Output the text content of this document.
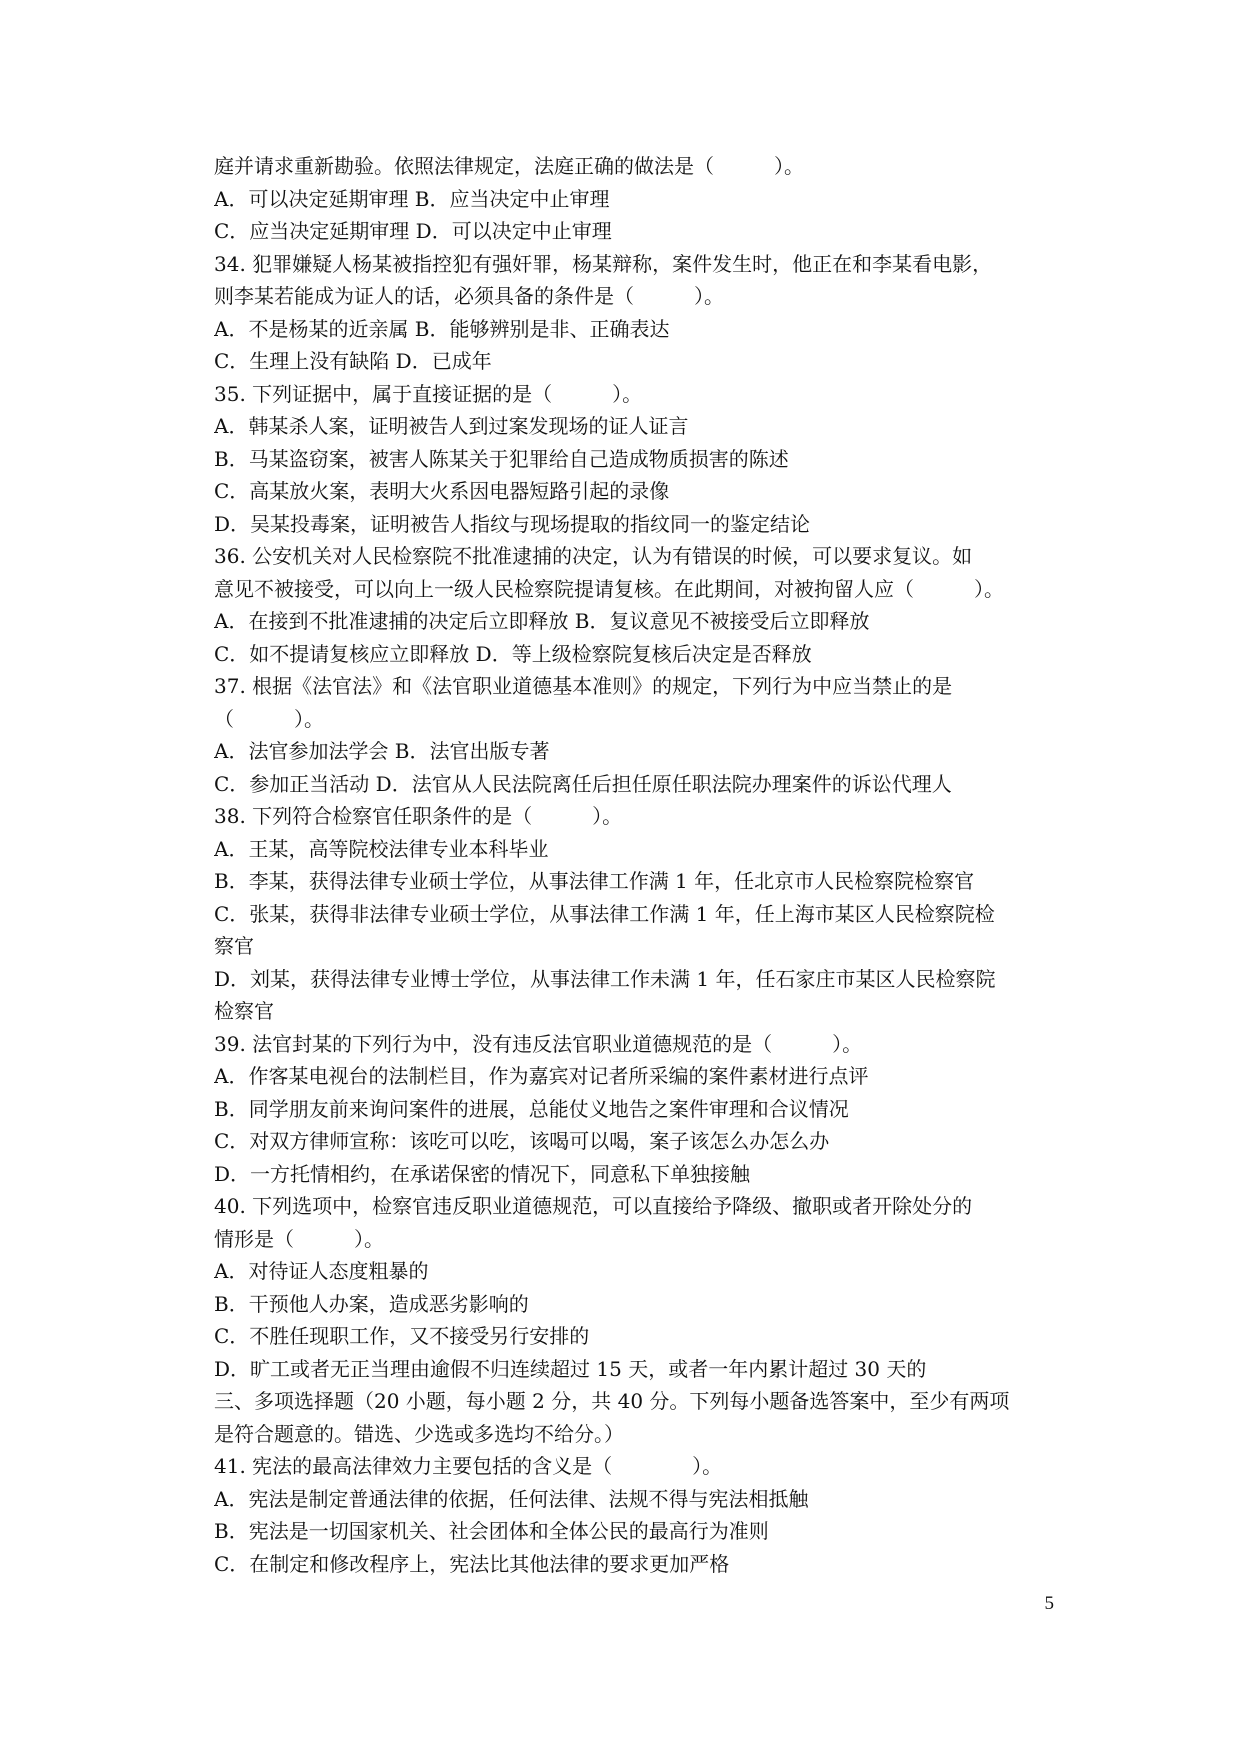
庭并请求重新勘验。依照法律规定，法庭正确的做法是（　　　）。
A．可以决定延期审理 B．应当决定中止审理
C．应当决定延期审理 D．可以决定中止审理
34. 犯罪嫌疑人杨某被指控犯有强奸罪，杨某辩称，案件发生时，他正在和李某看电影，
则李某若能成为证人的话，必须具备的条件是（　　　）。
A．不是杨某的近亲属 B．能够辨别是非、正确表达
C．生理上没有缺陷 D．已成年
35. 下列证据中，属于直接证据的是（　　　）。
A．韩某杀人案，证明被告人到过案发现场的证人证言
B．马某盗窃案，被害人陈某关于犯罪给自己造成物质损害的陈述
C．高某放火案，表明大火系因电器短路引起的录像
D．吴某投毒案，证明被告人指纹与现场提取的指纹同一的鉴定结论
36. 公安机关对人民检察院不批准逮捕的决定，认为有错误的时候，可以要求复议。如
意见不被接受，可以向上一级人民检察院提请复核。在此期间，对被拘留人应（　　　）。
A．在接到不批准逮捕的决定后立即释放 B．复议意见不被接受后立即释放
C．如不提请复核应立即释放 D．等上级检察院复核后决定是否释放
37. 根据《法官法》和《法官职业道德基本准则》的规定，下列行为中应当禁止的是
（　　　）。
A．法官参加法学会 B．法官出版专著
C．参加正当活动 D．法官从人民法院离任后担任原任职法院办理案件的诉讼代理人
38. 下列符合检察官任职条件的是（　　　）。
A．王某，高等院校法律专业本科毕业
B．李某，获得法律专业硕士学位，从事法律工作满 1 年，任北京市人民检察院检察官
C．张某，获得非法律专业硕士学位，从事法律工作满 1 年，任上海市某区人民检察院检
察官
D．刘某，获得法律专业博士学位，从事法律工作未满 1 年，任石家庄市某区人民检察院
检察官
39. 法官封某的下列行为中，没有违反法官职业道德规范的是（　　　）。
A．作客某电视台的法制栏目，作为嘉宾对记者所采编的案件素材进行点评
B．同学朋友前来询问案件的进展，总能仗义地告之案件审理和合议情况
C．对双方律师宣称：该吃可以吃，该喝可以喝，案子该怎么办怎么办
D．一方托情相约，在承诺保密的情况下，同意私下单独接触
40. 下列选项中，检察官违反职业道德规范，可以直接给予降级、撤职或者开除处分的
情形是（　　　）。
A．对待证人态度粗暴的
B．干预他人办案，造成恶劣影响的
C．不胜任现职工作，又不接受另行安排的
D．旷工或者无正当理由逾假不归连续超过 15 天，或者一年内累计超过 30 天的
三、多项选择题（20 小题，每小题 2 分，共 40 分。下列每小题备选答案中，至少有两项
是符合题意的。错选、少选或多选均不给分。）
41. 宪法的最高法律效力主要包括的含义是（　　　　）。
A．宪法是制定普通法律的依据，任何法律、法规不得与宪法相抵触
B．宪法是一切国家机关、社会团体和全体公民的最高行为准则
C．在制定和修改程序上，宪法比其他法律的要求更加严格
5
